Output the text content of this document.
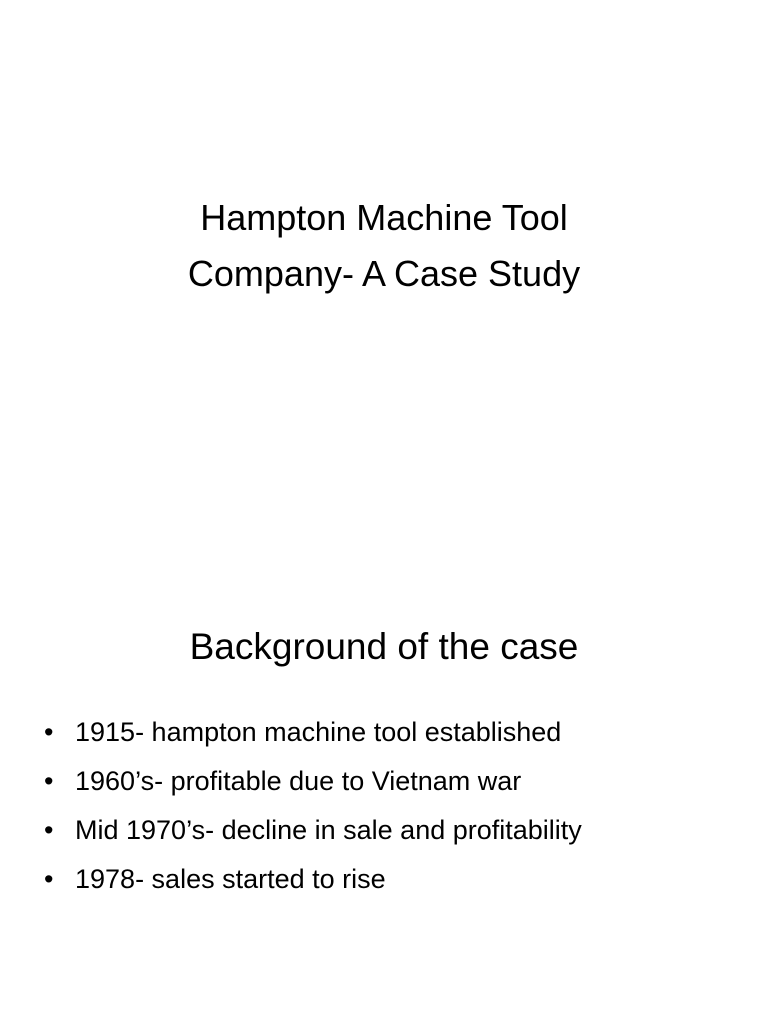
Hampton Machine Tool
Company- A Case Study
Background of the case
• 1915- hampton machine tool established
• 1960’s- profitable due to Vietnam war
• Mid 1970’s- decline in sale and profitability
• 1978- sales started to rise
